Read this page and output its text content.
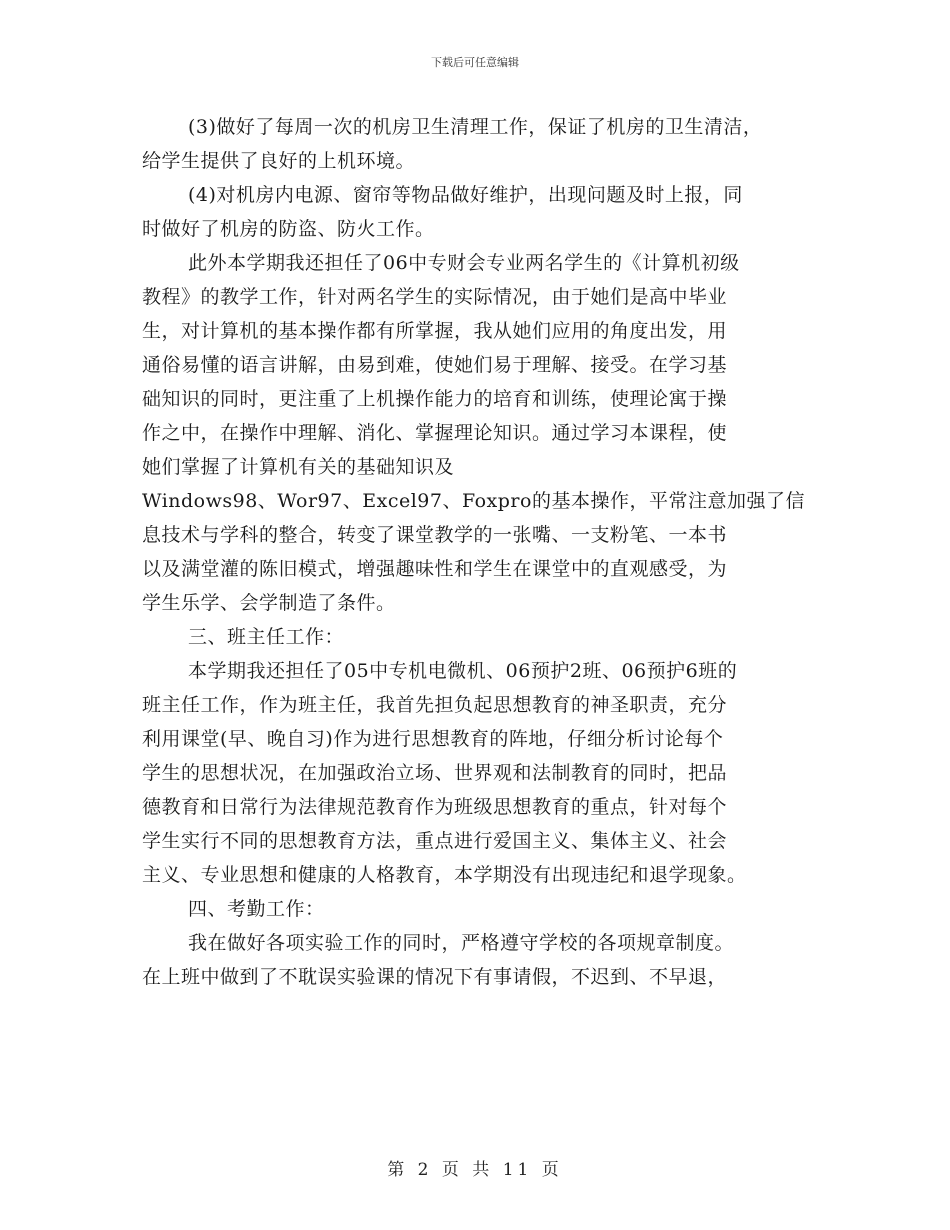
下载后可任意编辑
(3)做好了每周一次的机房卫生清理工作，保证了机房的卫生清洁，
给学生提供了良好的上机环境。
(4)对机房内电源、窗帘等物品做好维护，出现问题及时上报，同
时做好了机房的防盗、防火工作。
此外本学期我还担任了06中专财会专业两名学生的《计算机初级
教程》的教学工作，针对两名学生的实际情况，由于她们是高中毕业
生，对计算机的基本操作都有所掌握，我从她们应用的角度出发，用
通俗易懂的语言讲解，由易到难，使她们易于理解、接受。在学习基
础知识的同时，更注重了上机操作能力的培育和训练，使理论寓于操
作之中，在操作中理解、消化、掌握理论知识。通过学习本课程，使
她们掌握了计算机有关的基础知识及
Windows98、Wor97、Excel97、Foxpro的基本操作，平常注意加强了信
息技术与学科的整合，转变了课堂教学的一张嘴、一支粉笔、一本书
以及满堂灌的陈旧模式，增强趣味性和学生在课堂中的直观感受，为
学生乐学、会学制造了条件。
三、班主任工作：
本学期我还担任了05中专机电微机、06预护2班、06预护6班的
班主任工作，作为班主任，我首先担负起思想教育的神圣职责，充分
利用课堂(早、晚自习)作为进行思想教育的阵地，仔细分析讨论每个
学生的思想状况，在加强政治立场、世界观和法制教育的同时，把品
德教育和日常行为法律规范教育作为班级思想教育的重点，针对每个
学生实行不同的思想教育方法，重点进行爱国主义、集体主义、社会
主义、专业思想和健康的人格教育，本学期没有出现违纪和退学现象。
四、考勤工作：
我在做好各项实验工作的同时，严格遵守学校的各项规章制度。
在上班中做到了不耽误实验课的情况下有事请假，不迟到、不早退，
第 2 页 共 11 页
